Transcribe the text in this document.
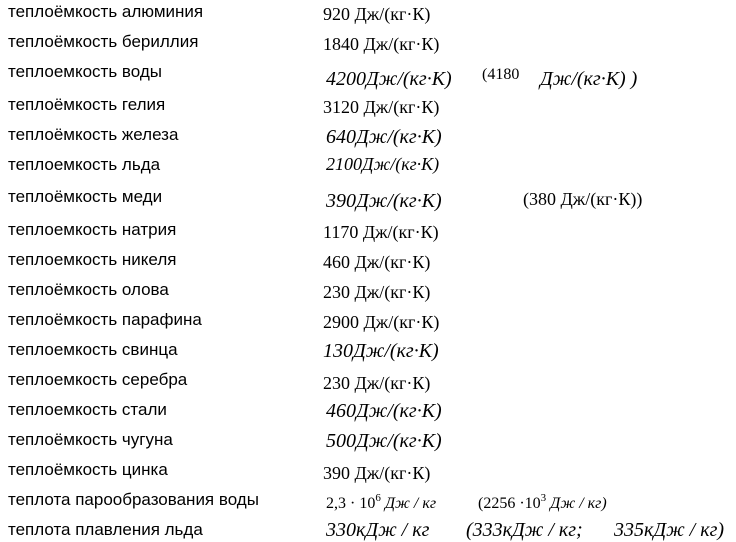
теплоёмкость алюминия	920 Дж/(кг·К)
теплоёмкость бериллия	1840 Дж/(кг·К)
теплоемкость воды	4200Дж/(кг·К) (4180 Дж/(кг·К) )
теплоёмкость гелия	3120 Дж/(кг·К)
теплоёмкость железа	640Дж/(кг·К)
теплоемкость льда	2100Дж/(кг·К)
теплоёмкость меди	390Дж/(кг·К)	(380 Дж/(кг·К))
теплоемкость натрия	1170 Дж/(кг·К)
теплоемкость никеля	460 Дж/(кг·К)
теплоёмкость олова	230 Дж/(кг·К)
теплоёмкость парафина	2900 Дж/(кг·К)
теплоемкость свинца	130Дж/(кг·К)
теплоемкость серебра	230 Дж/(кг·К)
теплоемкость стали	460Дж/(кг·К)
теплоёмкость чугуна	500Дж/(кг·К)
теплоёмкость цинка	390 Дж/(кг·К)
теплота парообразования воды	$2,3 \cdot 10^6$ Дж / кг	($2256 \cdot 10^3$ Дж / кг)
теплота плавления льда	330кДж / кг (333кДж / кг; 335кДж / кг)
